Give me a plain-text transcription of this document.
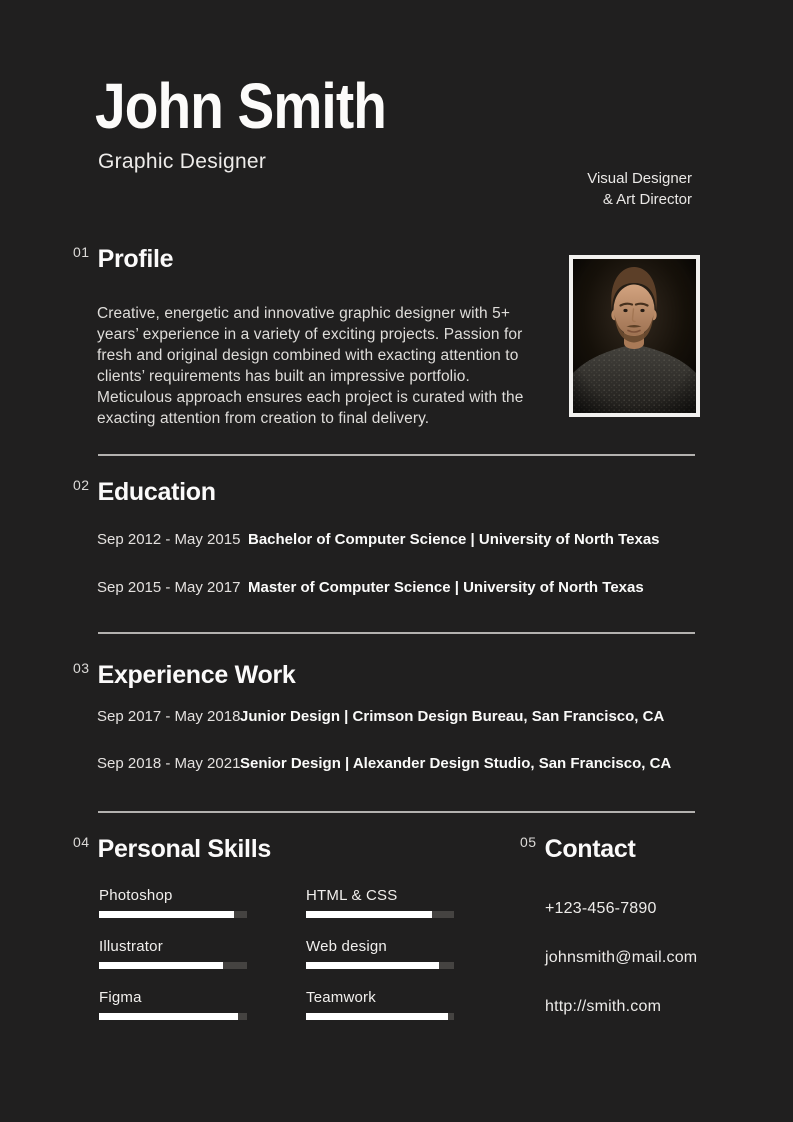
John Smith
Graphic Designer
Visual Designer
& Art Director
01 Profile

Creative, energetic and innovative graphic designer with 5+ years’ experience in a variety of exciting projects. Passion for fresh and original design combined with exacting attention to clients’ requirements has built an impressive portfolio. Meticulous approach ensures each project is curated with the exacting attention from creation to final delivery.

02 Education
Sep 2012 - May 2015 Bachelor of Computer Science | University of North Texas
Sep 2015 - May 2017 Master of Computer Science | University of North Texas
03 Experience Work
Sep 2017 - May 2018 Junior Design | Crimson Design Bureau, San Francisco, CA
Sep 2018 - May 2021 Senior Design | Alexander Design Studio, San Francisco, CA
04 Personal Skills
Photoshop
Illustrator
Figma
HTML & CSS
Web design
Teamwork
05 Contact
+123-456-7890
johnsmith@mail.com
http://smith.com
